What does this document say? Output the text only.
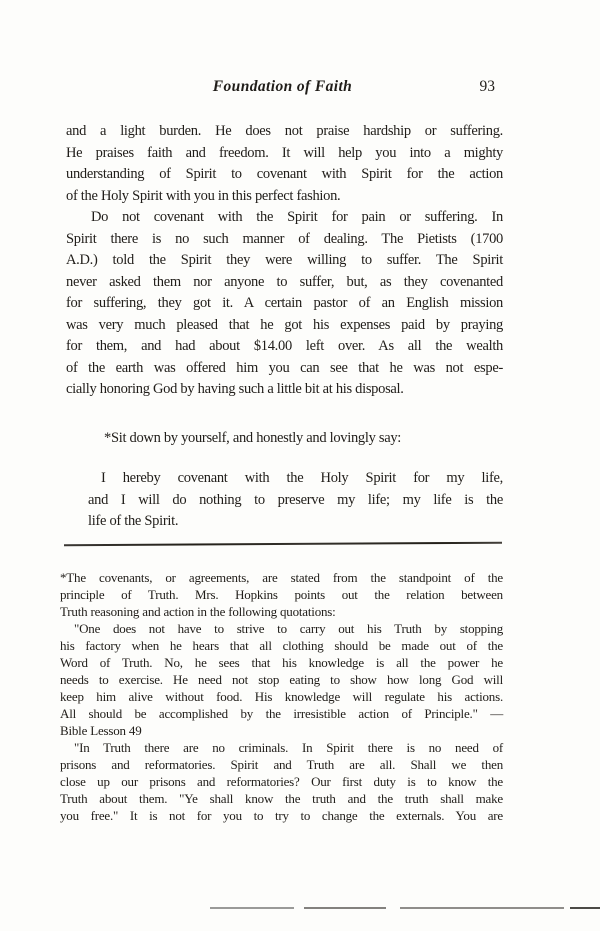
Foundation of Faith	93
and a light burden. He does not praise hardship or suffering.
He praises faith and freedom. It will help you into a mighty
understanding of Spirit to covenant with Spirit for the action
of the Holy Spirit with you in this perfect fashion.
Do not covenant with the Spirit for pain or suffering. In
Spirit there is no such manner of dealing. The Pietists (1700
A.D.) told the Spirit they were willing to suffer. The Spirit
never asked them nor anyone to suffer, but, as they covenanted
for suffering, they got it. A certain pastor of an English mission
was very much pleased that he got his expenses paid by praying
for them, and had about $14.00 left over. As all the wealth
of the earth was offered him you can see that he was not espe-
cially honoring God by having such a little bit at his disposal.
*Sit down by yourself, and honestly and lovingly say:
I hereby covenant with the Holy Spirit for my life,
and I will do nothing to preserve my life; my life is the
life of the Spirit.
*The covenants, or agreements, are stated from the standpoint of the
principle of Truth. Mrs. Hopkins points out the relation between
Truth reasoning and action in the following quotations:
"One does not have to strive to carry out his Truth by stopping
his factory when he hears that all clothing should be made out of the
Word of Truth. No, he sees that his knowledge is all the power he
needs to exercise. He need not stop eating to show how long God will
keep him alive without food. His knowledge will regulate his actions.
All should be accomplished by the irresistible action of Principle." —
Bible Lesson 49
"In Truth there are no criminals. In Spirit there is no need of
prisons and reformatories. Spirit and Truth are all. Shall we then
close up our prisons and reformatories? Our first duty is to know the
Truth about them. "Ye shall know the truth and the truth shall make
you free." It is not for you to try to change the externals. You are
